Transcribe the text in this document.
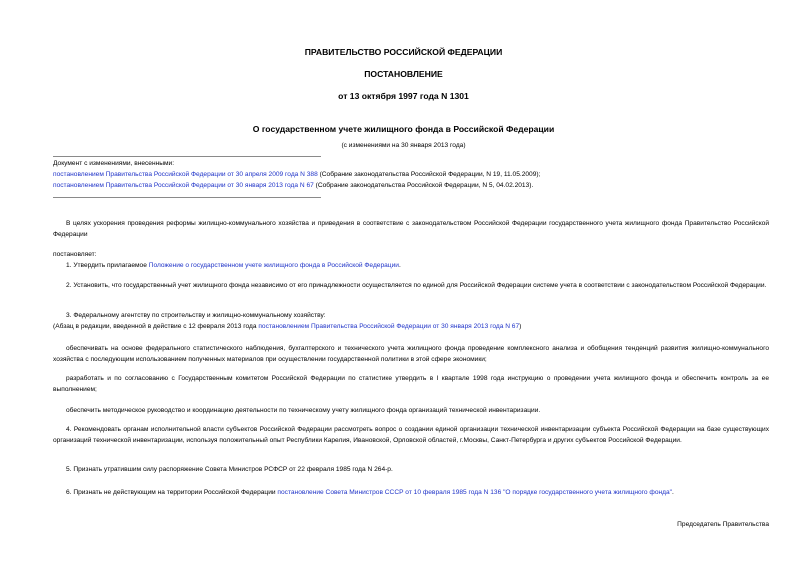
ПРАВИТЕЛЬСТВО РОССИЙСКОЙ ФЕДЕРАЦИИ
ПОСТАНОВЛЕНИЕ
от 13 октября 1997 года N 1301
О государственном учете жилищного фонда в Российской Федерации
(с изменениями на 30 января 2013 года)
Документ с изменениями, внесенными:
постановлением Правительства Российской Федерации от 30 апреля 2009 года N 388 (Собрание законодательства Российской Федерации, N 19, 11.05.2009);
постановлением Правительства Российской Федерации от 30 января 2013 года N 67 (Собрание законодательства Российской Федерации, N 5, 04.02.2013).
В целях ускорения проведения реформы жилищно-коммунального хозяйства и приведения в соответствие с законодательством Российской Федерации государственного учета жилищного фонда Правительство Российской Федерации
постановляет:
1. Утвердить прилагаемое Положение о государственном учете жилищного фонда в Российской Федерации.
2. Установить, что государственный учет жилищного фонда независимо от его принадлежности осуществляется по единой для Российской Федерации системе учета в соответствии с законодательством Российской Федерации.
3. Федеральному агентству по строительству и жилищно-коммунальному хозяйству:
(Абзац в редакции, введенной в действие с 12 февраля 2013 года постановлением Правительства Российской Федерации от 30 января 2013 года N 67)
обеспечивать на основе федерального статистического наблюдения, бухгалтерского и технического учета жилищного фонда проведение комплексного анализа и обобщения тенденций развития жилищно-коммунального хозяйства с последующим использованием полученных материалов при осуществлении государственной политики в этой сфере экономики;
разработать и по согласованию с Государственным комитетом Российской Федерации по статистике утвердить в I квартале 1998 года инструкцию о проведении учета жилищного фонда и обеспечить контроль за ее выполнением;
обеспечить методическое руководство и координацию деятельности по техническому учету жилищного фонда организаций технической инвентаризации.
4. Рекомендовать органам исполнительной власти субъектов Российской Федерации рассмотреть вопрос о создании единой организации технической инвентаризации субъекта Российской Федерации на базе существующих организаций технической инвентаризации, используя положительный опыт Республики Карелия, Ивановской, Орловской областей, г.Москвы, Санкт-Петербурга и других субъектов Российской Федерации.
5. Признать утратившим силу распоряжение Совета Министров РСФСР от 22 февраля 1985 года N 264-р.
6. Признать не действующим на территории Российской Федерации постановление Совета Министров СССР от 10 февраля 1985 года N 136 "О порядке государственного учета жилищного фонда".
Председатель Правительства
